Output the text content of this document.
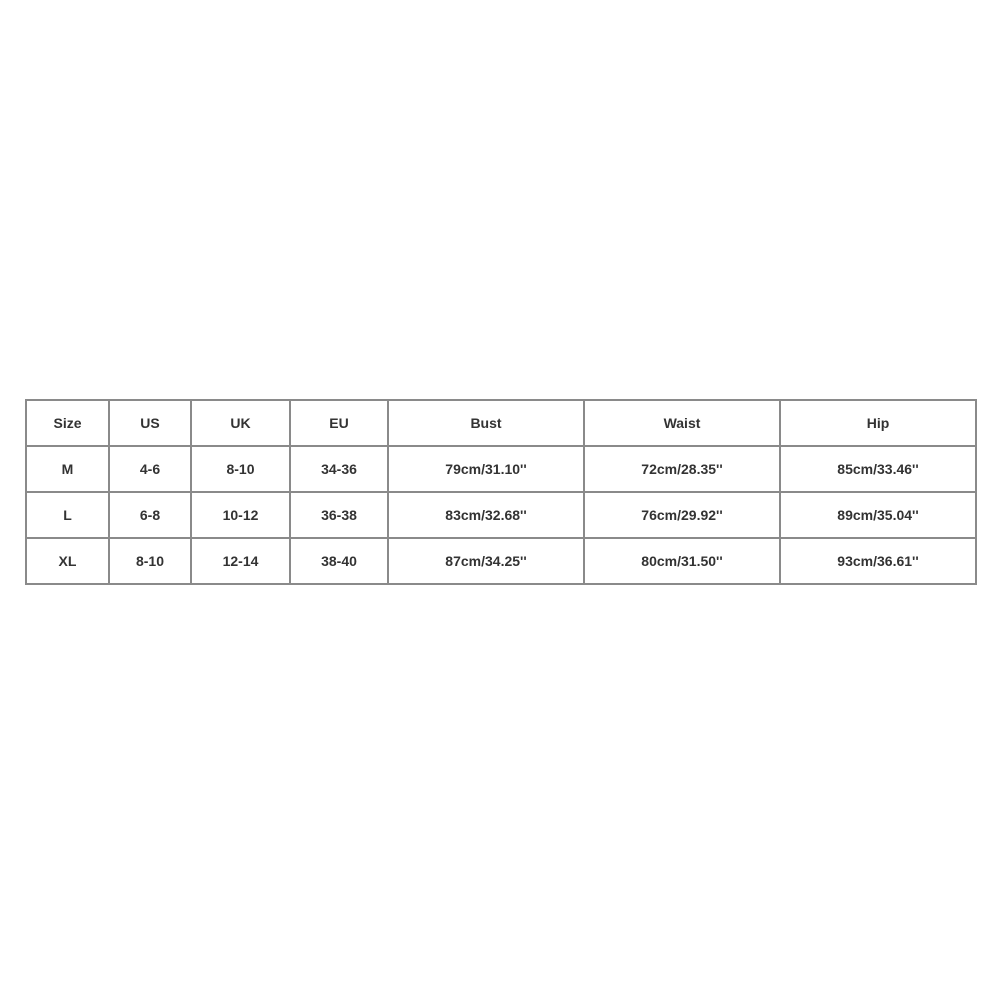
Size	US	UK	EU	Bust	Waist	Hip
M	4-6	8-10	34-36	79cm/31.10''	72cm/28.35''	85cm/33.46''
L	6-8	10-12	36-38	83cm/32.68''	76cm/29.92''	89cm/35.04''
XL	8-10	12-14	38-40	87cm/34.25''	80cm/31.50''	93cm/36.61''
